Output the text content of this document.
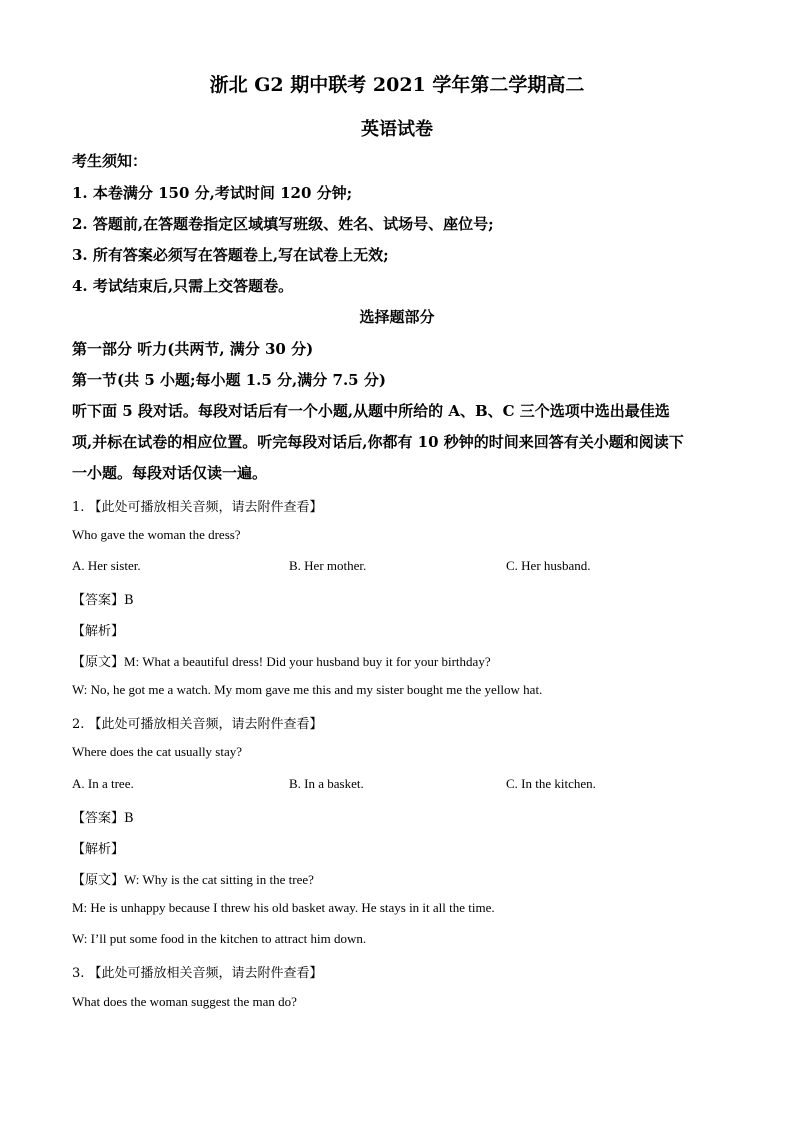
浙北 G2 期中联考 2021 学年第二学期高二
英语试卷
考生须知：
1. 本卷满分 150 分,考试时间 120 分钟;
2. 答题前,在答题卷指定区域填写班级、姓名、试场号、座位号;
3. 所有答案必须写在答题卷上,写在试卷上无效;
4. 考试结束后,只需上交答题卷。
选择题部分
第一部分 听力(共两节, 满分 30 分)
第一节(共 5 小题;每小题 1.5 分,满分 7.5 分)
听下面 5 段对话。每段对话后有一个小题,从题中所给的 A、B、C 三个选项中选出最佳选
项,并标在试卷的相应位置。听完每段对话后,你都有 10 秒钟的时间来回答有关小题和阅读下
一小题。每段对话仅读一遍。
1. 【此处可播放相关音频，请去附件查看】
Who gave the woman the dress?
A. Her sister.	B. Her mother.	C. Her husband.
【答案】B
【解析】
【原文】M: What a beautiful dress! Did your husband buy it for your birthday?
W: No, he got me a watch. My mom gave me this and my sister bought me the yellow hat.
2. 【此处可播放相关音频，请去附件查看】
Where does the cat usually stay?
A. In a tree.	B. In a basket.	C. In the kitchen.
【答案】B
【解析】
【原文】W: Why is the cat sitting in the tree?
M: He is unhappy because I threw his old basket away. He stays in it all the time.
W: I’ll put some food in the kitchen to attract him down.
3. 【此处可播放相关音频，请去附件查看】
What does the woman suggest the man do?
